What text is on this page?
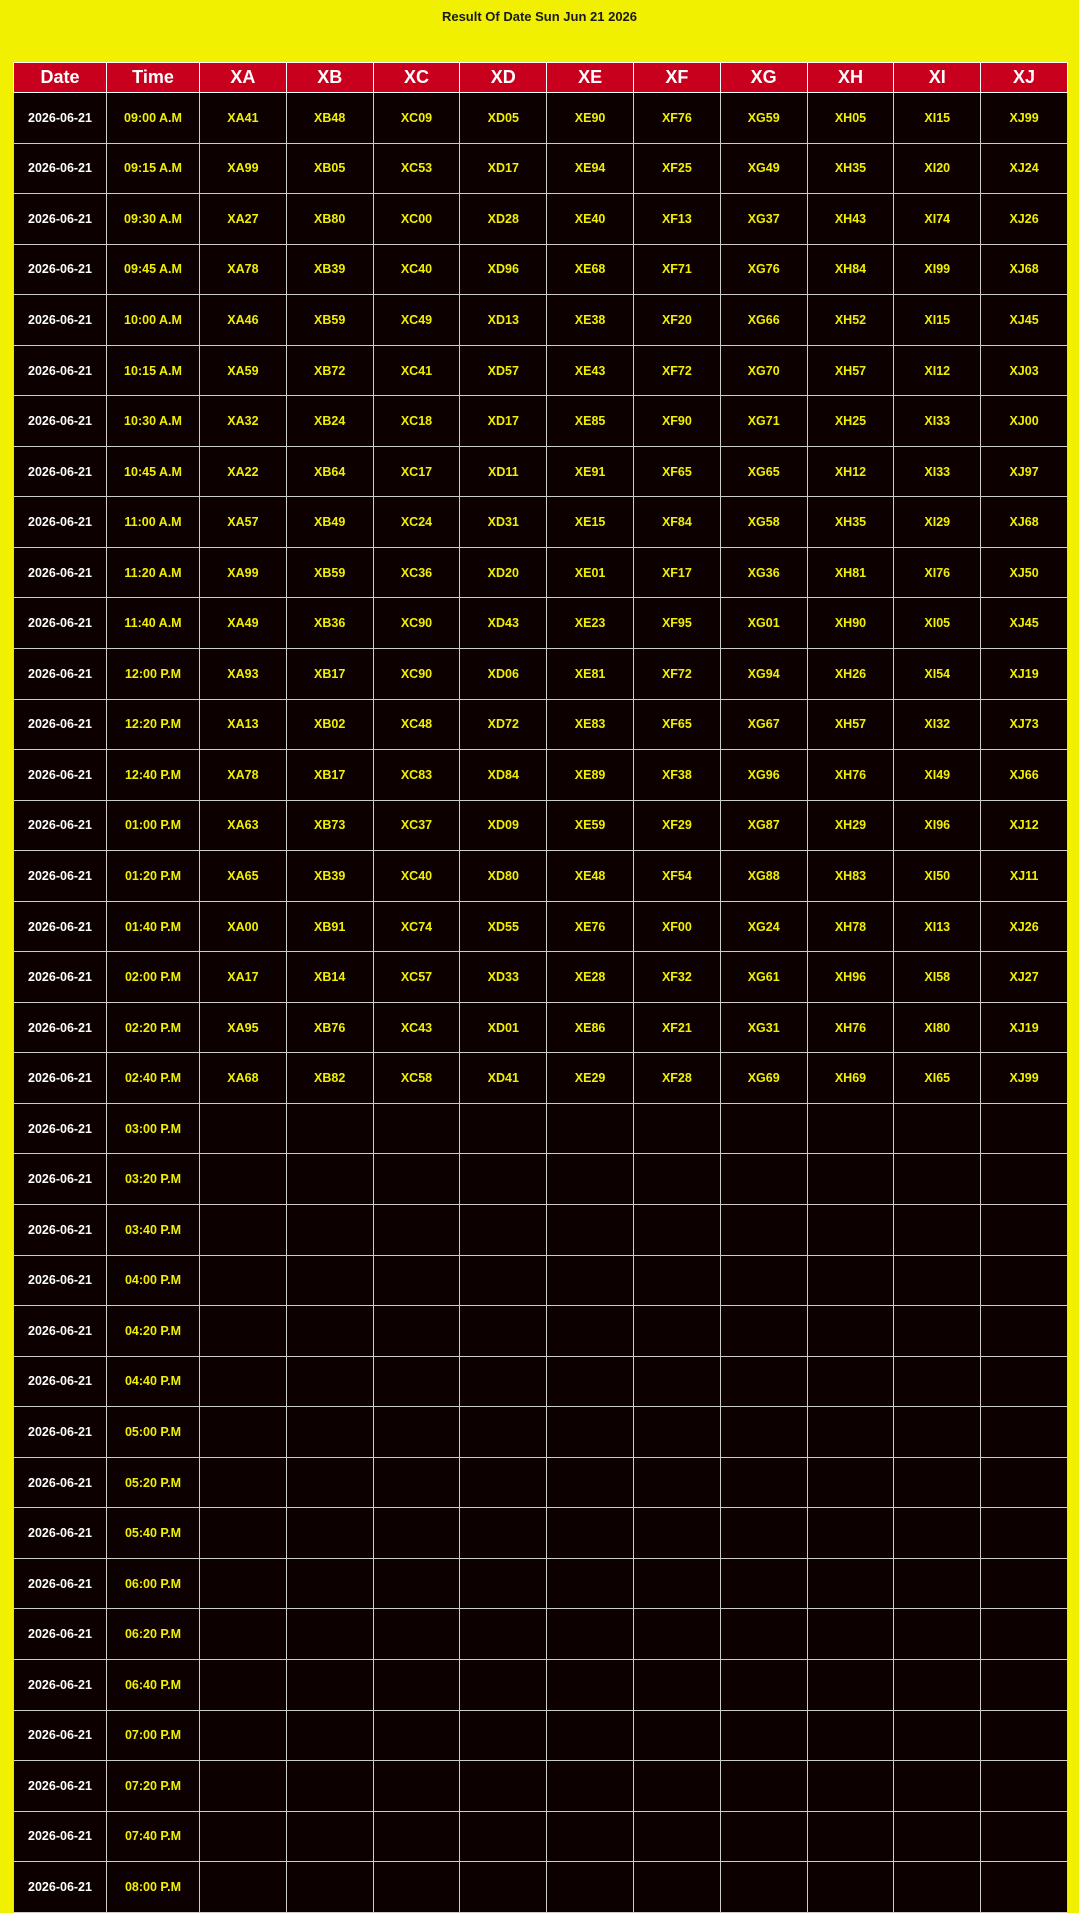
Result Of Date Sun Jun 21 2026
Date	Time	XA	XB	XC	XD	XE	XF	XG	XH	XI	XJ
2026-06-21	09:00 A.M	XA41	XB48	XC09	XD05	XE90	XF76	XG59	XH05	XI15	XJ99
2026-06-21	09:15 A.M	XA99	XB05	XC53	XD17	XE94	XF25	XG49	XH35	XI20	XJ24
2026-06-21	09:30 A.M	XA27	XB80	XC00	XD28	XE40	XF13	XG37	XH43	XI74	XJ26
2026-06-21	09:45 A.M	XA78	XB39	XC40	XD96	XE68	XF71	XG76	XH84	XI99	XJ68
2026-06-21	10:00 A.M	XA46	XB59	XC49	XD13	XE38	XF20	XG66	XH52	XI15	XJ45
2026-06-21	10:15 A.M	XA59	XB72	XC41	XD57	XE43	XF72	XG70	XH57	XI12	XJ03
2026-06-21	10:30 A.M	XA32	XB24	XC18	XD17	XE85	XF90	XG71	XH25	XI33	XJ00
2026-06-21	10:45 A.M	XA22	XB64	XC17	XD11	XE91	XF65	XG65	XH12	XI33	XJ97
2026-06-21	11:00 A.M	XA57	XB49	XC24	XD31	XE15	XF84	XG58	XH35	XI29	XJ68
2026-06-21	11:20 A.M	XA99	XB59	XC36	XD20	XE01	XF17	XG36	XH81	XI76	XJ50
2026-06-21	11:40 A.M	XA49	XB36	XC90	XD43	XE23	XF95	XG01	XH90	XI05	XJ45
2026-06-21	12:00 P.M	XA93	XB17	XC90	XD06	XE81	XF72	XG94	XH26	XI54	XJ19
2026-06-21	12:20 P.M	XA13	XB02	XC48	XD72	XE83	XF65	XG67	XH57	XI32	XJ73
2026-06-21	12:40 P.M	XA78	XB17	XC83	XD84	XE89	XF38	XG96	XH76	XI49	XJ66
2026-06-21	01:00 P.M	XA63	XB73	XC37	XD09	XE59	XF29	XG87	XH29	XI96	XJ12
2026-06-21	01:20 P.M	XA65	XB39	XC40	XD80	XE48	XF54	XG88	XH83	XI50	XJ11
2026-06-21	01:40 P.M	XA00	XB91	XC74	XD55	XE76	XF00	XG24	XH78	XI13	XJ26
2026-06-21	02:00 P.M	XA17	XB14	XC57	XD33	XE28	XF32	XG61	XH96	XI58	XJ27
2026-06-21	02:20 P.M	XA95	XB76	XC43	XD01	XE86	XF21	XG31	XH76	XI80	XJ19
2026-06-21	02:40 P.M	XA68	XB82	XC58	XD41	XE29	XF28	XG69	XH69	XI65	XJ99
2026-06-21	03:00 P.M										
2026-06-21	03:20 P.M										
2026-06-21	03:40 P.M										
2026-06-21	04:00 P.M										
2026-06-21	04:20 P.M										
2026-06-21	04:40 P.M										
2026-06-21	05:00 P.M										
2026-06-21	05:20 P.M										
2026-06-21	05:40 P.M										
2026-06-21	06:00 P.M										
2026-06-21	06:20 P.M										
2026-06-21	06:40 P.M										
2026-06-21	07:00 P.M										
2026-06-21	07:20 P.M										
2026-06-21	07:40 P.M										
2026-06-21	08:00 P.M										
